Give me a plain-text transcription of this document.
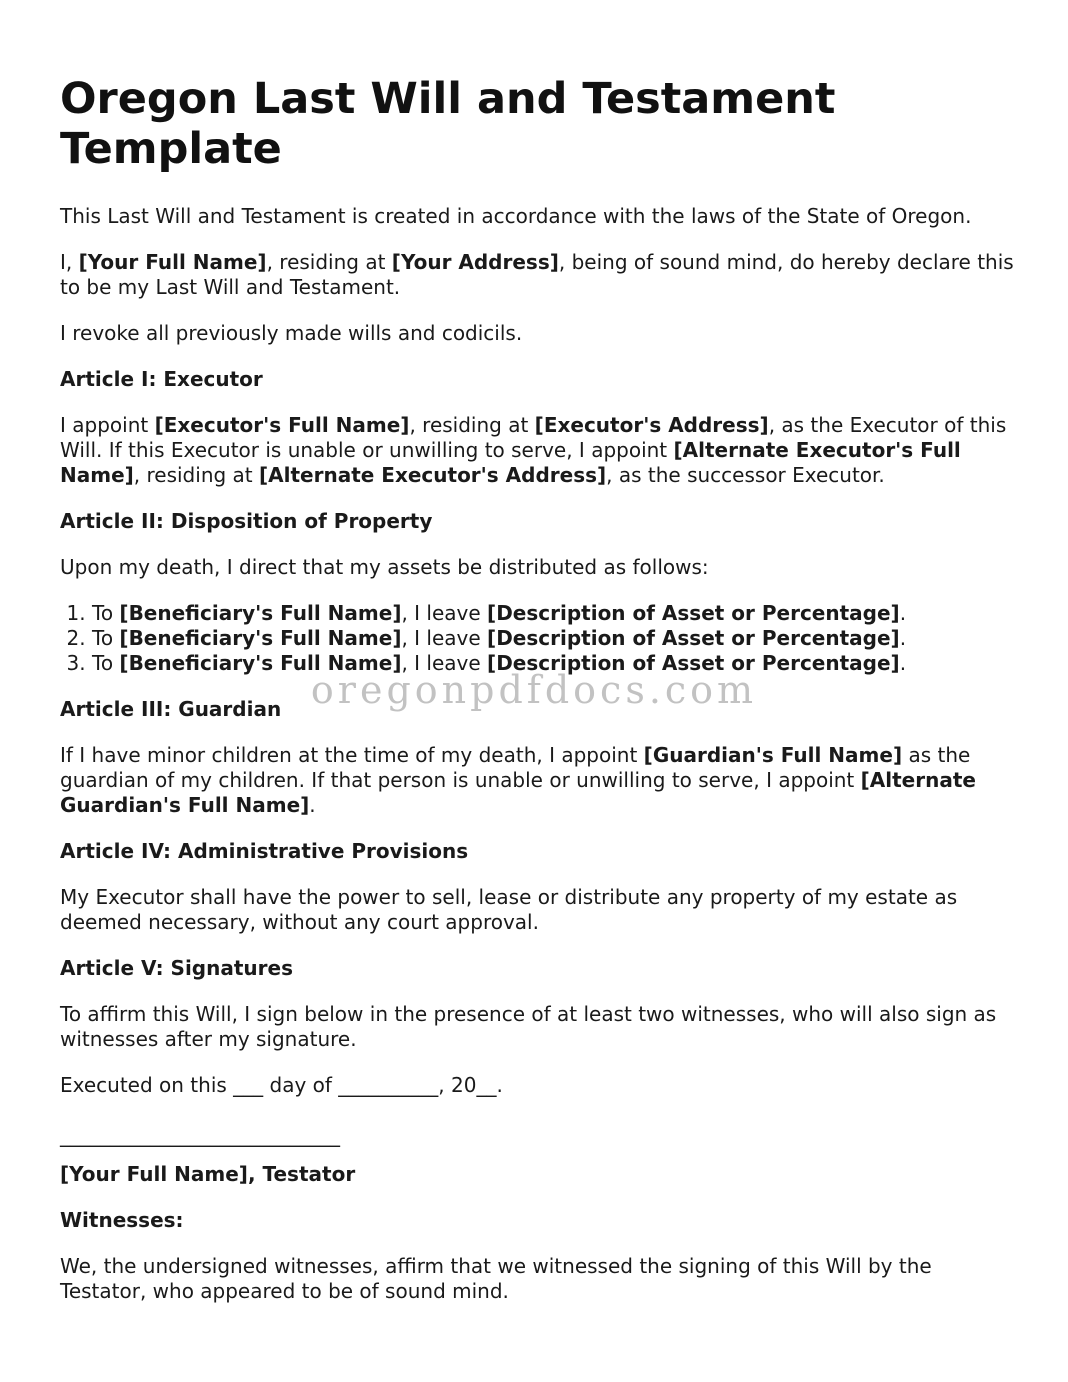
Oregon Last Will and Testament Template

This Last Will and Testament is created in accordance with the laws of the State of Oregon.

I, [Your Full Name], residing at [Your Address], being of sound mind, do hereby declare this to be my Last Will and Testament.

I revoke all previously made wills and codicils.

Article I: Executor

I appoint [Executor's Full Name], residing at [Executor's Address], as the Executor of this Will. If this Executor is unable or unwilling to serve, I appoint [Alternate Executor's Full Name], residing at [Alternate Executor's Address], as the successor Executor.

Article II: Disposition of Property

Upon my death, I direct that my assets be distributed as follows:

1. To [Beneficiary's Full Name], I leave [Description of Asset or Percentage].
2. To [Beneficiary's Full Name], I leave [Description of Asset or Percentage].
3. To [Beneficiary's Full Name], I leave [Description of Asset or Percentage].

Article III: Guardian

If I have minor children at the time of my death, I appoint [Guardian's Full Name] as the guardian of my children. If that person is unable or unwilling to serve, I appoint [Alternate Guardian's Full Name].

Article IV: Administrative Provisions

My Executor shall have the power to sell, lease or distribute any property of my estate as deemed necessary, without any court approval.

Article V: Signatures

To affirm this Will, I sign below in the presence of at least two witnesses, who will also sign as witnesses after my signature.

Executed on this ___ day of __________, 20__.

____________________________

[Your Full Name], Testator

Witnesses:

We, the undersigned witnesses, affirm that we witnessed the signing of this Will by the Testator, who appeared to be of sound mind.

oregonpdfdocs.com
